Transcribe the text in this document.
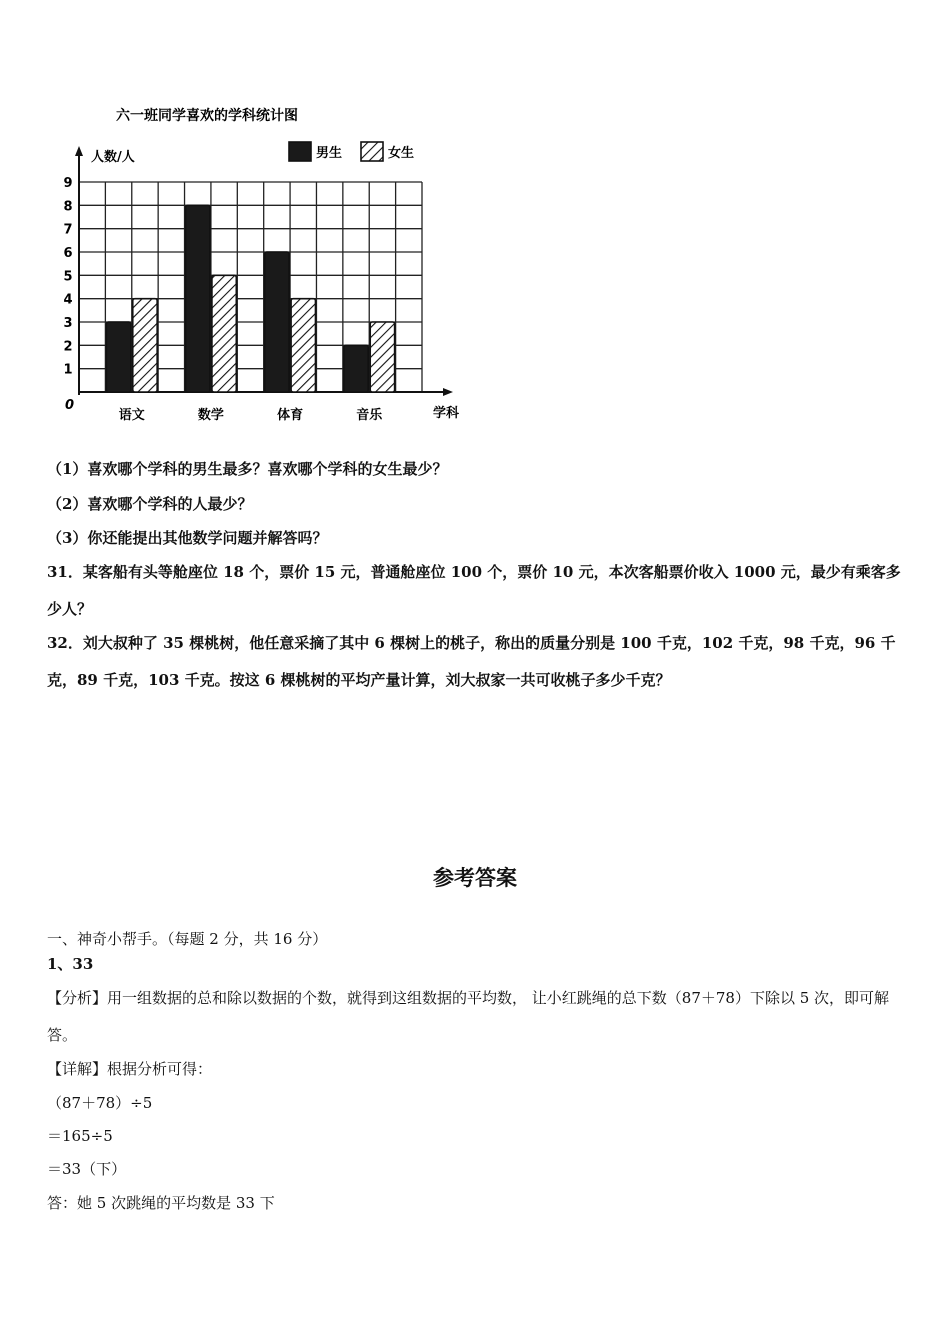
六一班同学喜欢的学科统计图
人数/人
学科
0
1
2
3
4
5
6
7
8
9
语文	数学	体育	音乐
男生	女生
（1）喜欢哪个学科的男生最多？喜欢哪个学科的女生最少？
（2）喜欢哪个学科的人最少？
（3）你还能提出其他数学问题并解答吗？
31．某客船有头等舱座位 18 个，票价 15 元，普通舱座位 100 个，票价 10 元，本次客船票价收入 1000 元，最少有乘客多少人？
32．刘大叔种了 35 棵桃树，他任意采摘了其中 6 棵树上的桃子，称出的质量分别是 100 千克，102 千克，98 千克，96 千克，89 千克，103 千克。按这 6 棵桃树的平均产量计算，刘大叔家一共可收桃子多少千克？
参考答案
一、神奇小帮手。（每题 2 分，共 16 分）
1、33
【分析】用一组数据的总和除以数据的个数，就得到这组数据的平均数， 让小红跳绳的总下数（87＋78）下除以 5 次，即可解答。
【详解】根据分析可得：
（87＋78）÷5
＝165÷5
＝33（下）
答：她 5 次跳绳的平均数是 33 下
